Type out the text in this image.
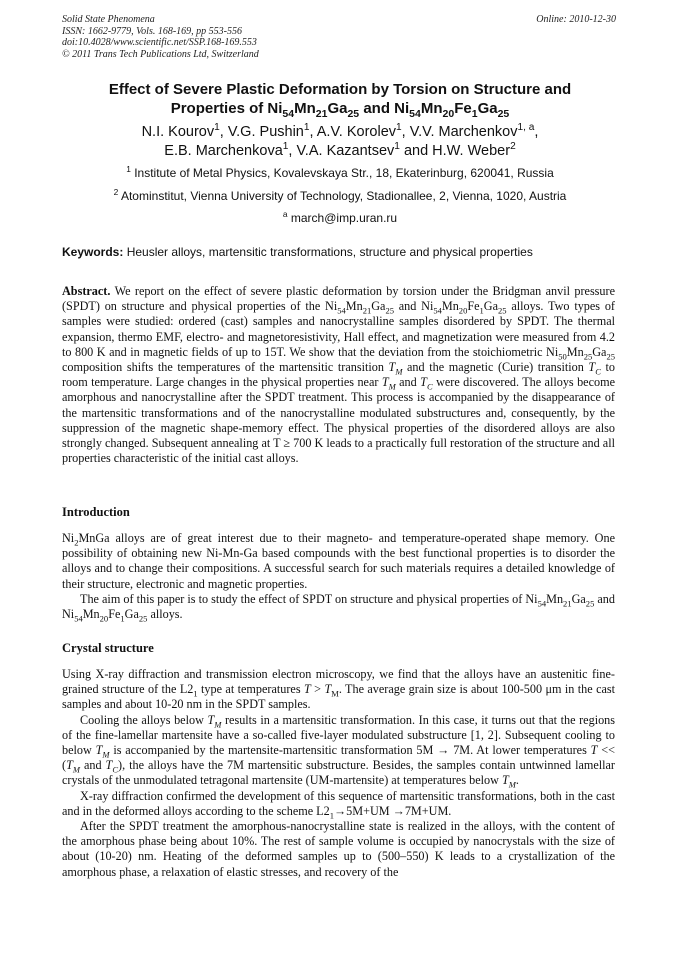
Solid State Phenomena	Online: 2010-12-30
ISSN: 1662-9779, Vols. 168-169, pp 553-556
doi:10.4028/www.scientific.net/SSP.168-169.553
© 2011 Trans Tech Publications Ltd, Switzerland
Effect of Severe Plastic Deformation by Torsion on Structure and
Properties of $Ni_{54}Mn_{21}Ga_{25}$ and $Ni_{54}Mn_{20}Fe_1Ga_{25}$
N.I. Kourov$^1$, V.G. Pushin$^1$, A.V. Korolev$^1$, V.V. Marchenkov$^{1, a}$,
E.B. Marchenkova$^1$, V.A. Kazantsev$^1$ and H.W. Weber$^2$
$^1$ Institute of Metal Physics, Kovalevskaya Str., 18, Ekaterinburg, 620041, Russia
$^2$ Atominstitut, Vienna University of Technology, Stadionallee, 2, Vienna, 1020, Austria
$^a$ march@imp.uran.ru
Keywords: Heusler alloys, martensitic transformations, structure and physical properties

Abstract. We report on the effect of severe plastic deformation by torsion under the Bridgman anvil pressure (SPDT) on structure and physical properties of the $Ni_{54}Mn_{21}Ga_{25}$ and $Ni_{54}Mn_{20}Fe_1Ga_{25}$ alloys. Two types of samples were studied: ordered (cast) samples and nanocrystalline samples disordered by SPDT. The thermal expansion, thermo EMF, electro- and magnetoresistivity, Hall effect, and magnetization were measured from 4.2 to 800 K and in magnetic fields of up to 15T. We show that the deviation from the stoichiometric $Ni_{50}Mn_{25}Ga_{25}$ composition shifts the temperatures of the martensitic transition $T_M$ and the magnetic (Curie) transition $T_C$ to room temperature. Large changes in the physical properties near $T_M$ and $T_C$ were discovered. The alloys become amorphous and nanocrystalline after the SPDT treatment. This process is accompanied by the disappearance of the martensitic transformations and of the nanocrystalline modulated substructures and, consequently, by the suppression of the magnetic shape-memory effect. The physical properties of the disordered alloys are also strongly changed. Subsequent annealing at T ≥ 700 K leads to a practically full restoration of the structure and all properties characteristic of the initial cast alloys.

Introduction

$Ni_2MnGa$ alloys are of great interest due to their magneto- and temperature-operated shape memory. One possibility of obtaining new Ni-Mn-Ga based compounds with the best functional properties is to disorder the alloys and to change their compositions. A successful search for such materials requires a detailed knowledge of their structure, electronic and magnetic properties.

The aim of this paper is to study the effect of SPDT on structure and physical properties of $Ni_{54}Mn_{21}Ga_{25}$ and $Ni_{54}Mn_{20}Fe_1Ga_{25}$ alloys.

Crystal structure

Using X-ray diffraction and transmission electron microscopy, we find that the alloys have an austenitic fine-grained structure of the $L2_1$ type at temperatures $T > T_M$. The average grain size is about 100-500 μm in the cast samples and about 10-20 nm in the SPDT samples.

Cooling the alloys below $T_M$ results in a martensitic transformation. In this case, it turns out that the regions of the fine-lamellar martensite have a so-called five-layer modulated substructure [1, 2]. Subsequent cooling to below $T_M$ is accompanied by the martensite-martensitic transformation 5M → 7M. At lower temperatures $T << (T_M$ and $T_C$), the alloys have the 7M martensitic substructure. Besides, the samples contain untwinned lamellar crystals of the unmodulated tetragonal martensite (UM-martensite) at temperatures below $T_M$.

X-ray diffraction confirmed the development of this sequence of martensitic transformations, both in the cast and in the deformed alloys according to the scheme $L2_1\to 5M+UM \to 7M+UM$.

After the SPDT treatment the amorphous-nanocrystalline state is realized in the alloys, with the content of the amorphous phase being about 10%. The rest of sample volume is occupied by nanocrystals with the size of about (10-20) nm. Heating of the deformed samples up to (500–550) K leads to a crystallization of the amorphous phase, a relaxation of elastic stresses, and recovery of the
